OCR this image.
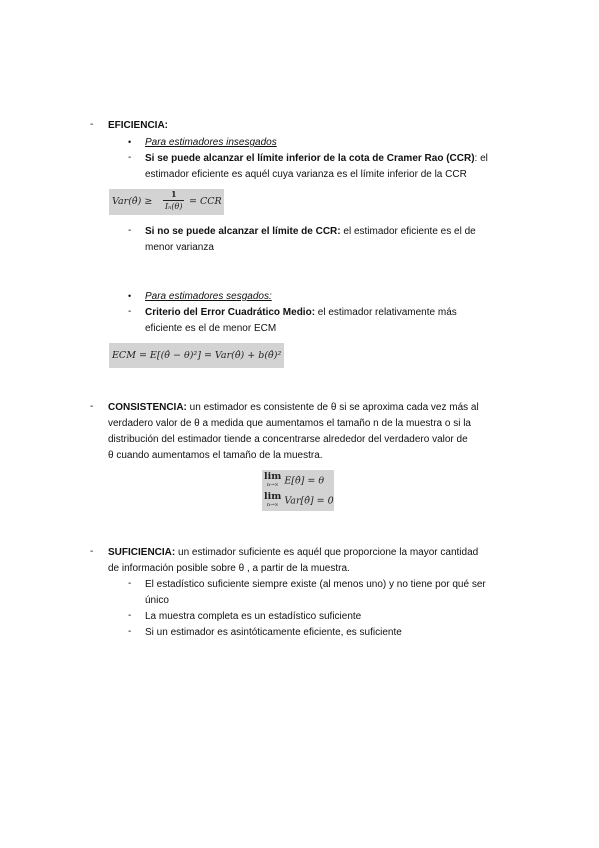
-	EFICIENCIA:
• Para estimadores insesgados
-	Si se puede alcanzar el límite inferior de la cota de Cramer Rao (CCR): el
estimador eficiente es aquél cuya varianza es el límite inferior de la CCR
Var(θ̂) ≥ $\frac{1}{\text{Iₙ(θ)}}$ = CCR
-	Si no se puede alcanzar el límite de CCR: el estimador eficiente es el de
menor varianza
• Para estimadores sesgados:
-	Criterio del Error Cuadrático Medio: el estimador relativamente más
eficiente es el de menor ECM
ECM = E[(θ̂ − θ)²] = Var(θ̂) + b(θ̂)²
-	CONSISTENCIA: un estimador es consistente de θ si se aproxima cada vez más al
verdadero valor de θ a medida que aumentamos el tamaño n de la muestra o si la
distribución del estimador tiende a concentrarse alrededor del verdadero valor de
θ cuando aumentamos el tamaño de la muestra.
lim
n→∞ E[θ̂] = θ
lim
n→∞ Var[θ̂] = 0
-	SUFICIENCIA: un estimador suficiente es aquél que proporcione la mayor cantidad
de información posible sobre θ , a partir de la muestra.
-	El estadístico suficiente siempre existe (al menos uno) y no tiene por qué ser
único
-	La muestra completa es un estadístico suficiente
-	Si un estimador es asintóticamente eficiente, es suficiente
